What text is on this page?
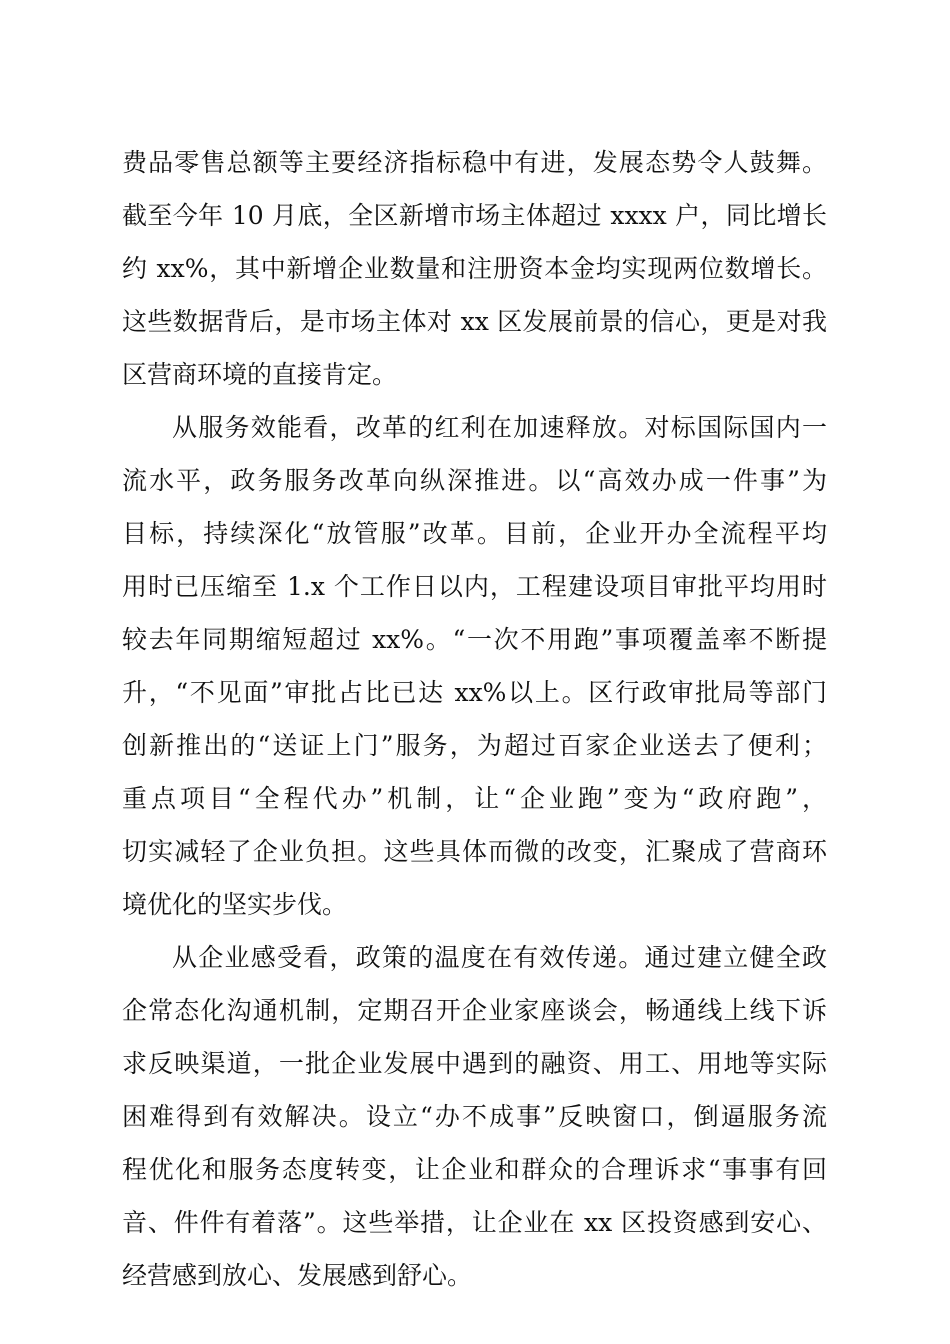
费品零售总额等主要经济指标稳中有进，发展态势令人鼓舞。
截至今年 10 月底，全区新增市场主体超过 xxxx 户，同比增长
约 xx%，其中新增企业数量和注册资本金均实现两位数增长。
这些数据背后，是市场主体对 xx 区发展前景的信心，更是对我
区营商环境的直接肯定。
从服务效能看，改革的红利在加速释放。对标国际国内一
流水平，政务服务改革向纵深推进。以“高效办成一件事”为
目标，持续深化“放管服”改革。目前，企业开办全流程平均
用时已压缩至 1.x 个工作日以内，工程建设项目审批平均用时
较去年同期缩短超过 xx%。“一次不用跑”事项覆盖率不断提
升，“不见面”审批占比已达 xx%以上。区行政审批局等部门
创新推出的“送证上门”服务，为超过百家企业送去了便利；
重点项目“全程代办”机制，让“企业跑”变为“政府跑”，
切实减轻了企业负担。这些具体而微的改变，汇聚成了营商环
境优化的坚实步伐。
从企业感受看，政策的温度在有效传递。通过建立健全政
企常态化沟通机制，定期召开企业家座谈会，畅通线上线下诉
求反映渠道，一批企业发展中遇到的融资、用工、用地等实际
困难得到有效解决。设立“办不成事”反映窗口，倒逼服务流
程优化和服务态度转变，让企业和群众的合理诉求“事事有回
音、件件有着落”。这些举措，让企业在 xx 区投资感到安心、
经营感到放心、发展感到舒心。
